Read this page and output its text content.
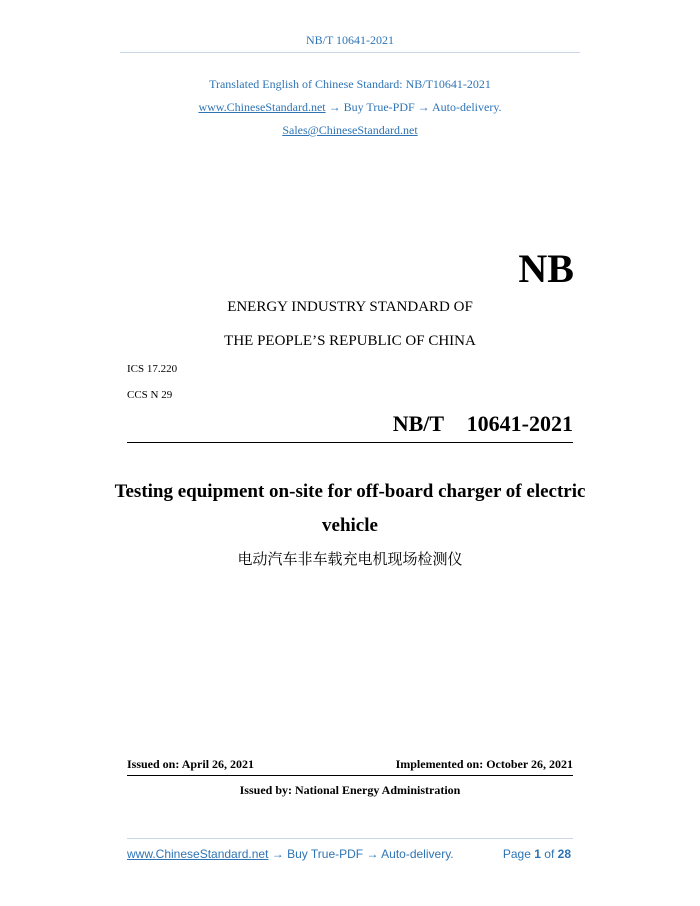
NB/T 10641-2021
Translated English of Chinese Standard: NB/T10641-2021
www.ChineseStandard.net → Buy True-PDF → Auto-delivery.
Sales@ChineseStandard.net
NB
ENERGY INDUSTRY STANDARD OF
THE PEOPLE’S REPUBLIC OF CHINA
ICS 17.220
CCS N 29
NB/T  10641-2021
Testing equipment on-site for off-board charger of electric
vehicle
电动汽车非车载充电机现场检测仪
Issued on: April 26, 2021	Implemented on: October 26, 2021
Issued by: National Energy Administration
www.ChineseStandard.net → Buy True-PDF → Auto-delivery.	Page 1 of 28
